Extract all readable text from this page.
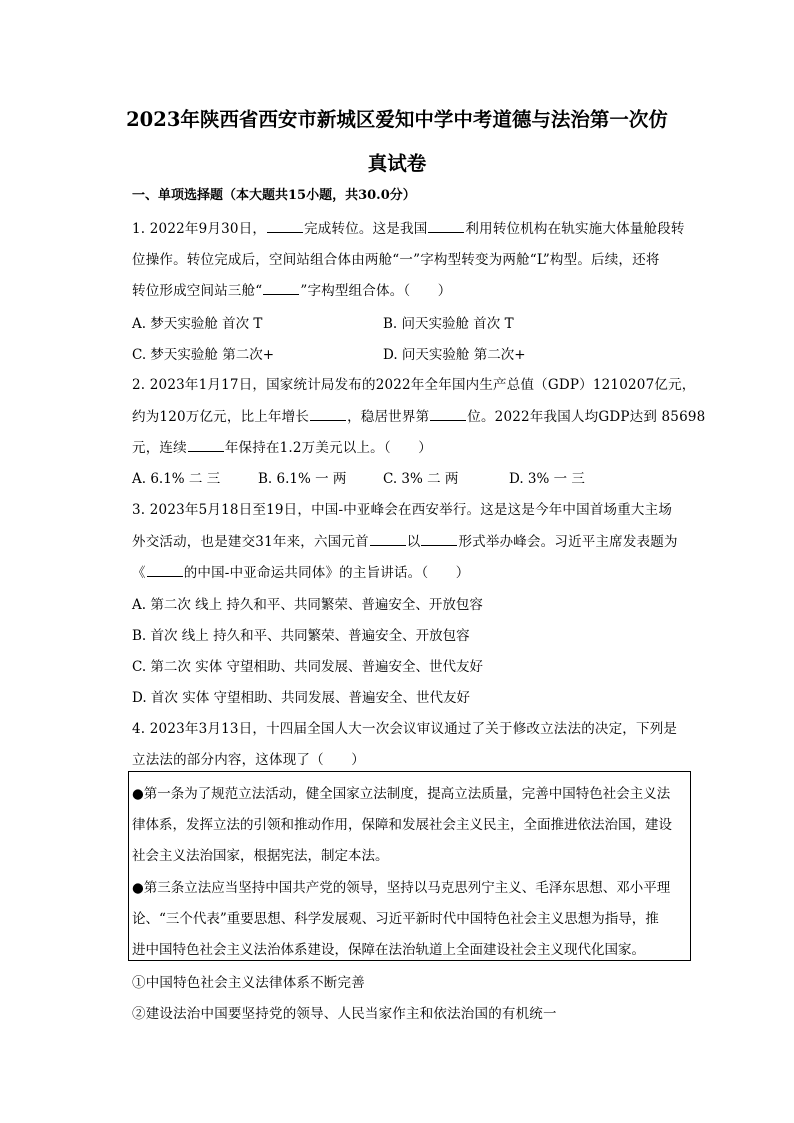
2023年陕西省西安市新城区爱知中学中考道德与法治第一次仿
真试卷
一、单项选择题（本大题共15小题，共30.0分）
1. 2022年9月30日，	完成转位。这是我国	利用转位机构在轨实施大体量舱段转
位操作。转位完成后，空间站组合体由两舱“一”字构型转变为两舱“L”构型。后续，还将
转位形成空间站三舱“	”字构型组合体。（　　）
A. 梦天实验舱 首次 T	B. 问天实验舱 首次 T
C. 梦天实验舱 第二次+	D. 问天实验舱 第二次+
2. 2023年1月17日，国家统计局发布的2022年全年国内生产总值（GDP）1210207亿元，
约为120万亿元，比上年增长	，稳居世界第	位。2022年我国人均GDP达到 85698
元，连续	年保持在1.2万美元以上。（　　）
A. 6.1% 二 三	B. 6.1% 一 两	C. 3% 二 两	D. 3% 一 三
3. 2023年5月18日至19日，中国-中亚峰会在西安举行。这是这是今年中国首场重大主场
外交活动，也是建交31年来，六国元首	以	形式举办峰会。习近平主席发表题为
《	的中国-中亚命运共同体》的主旨讲话。（　　）
A. 第二次 线上 持久和平、共同繁荣、普遍安全、开放包容
B. 首次 线上 持久和平、共同繁荣、普遍安全、开放包容
C. 第二次 实体 守望相助、共同发展、普遍安全、世代友好
D. 首次 实体 守望相助、共同发展、普遍安全、世代友好
4. 2023年3月13日，十四届全国人大一次会议审议通过了关于修改立法法的决定，下列是
立法法的部分内容，这体现了（　　）
●第一条为了规范立法活动，健全国家立法制度，提高立法质量，完善中国特色社会主义法
律体系，发挥立法的引领和推动作用，保障和发展社会主义民主，全面推进依法治国，建设
社会主义法治国家，根据宪法，制定本法。
●第三条立法应当坚持中国共产党的领导，坚持以马克思列宁主义、毛泽东思想、邓小平理
论、“三个代表”重要思想、科学发展观、习近平新时代中国特色社会主义思想为指导，推
进中国特色社会主义法治体系建设，保障在法治轨道上全面建设社会主义现代化国家。
①中国特色社会主义法律体系不断完善
②建设法治中国要坚持党的领导、人民当家作主和依法治国的有机统一
